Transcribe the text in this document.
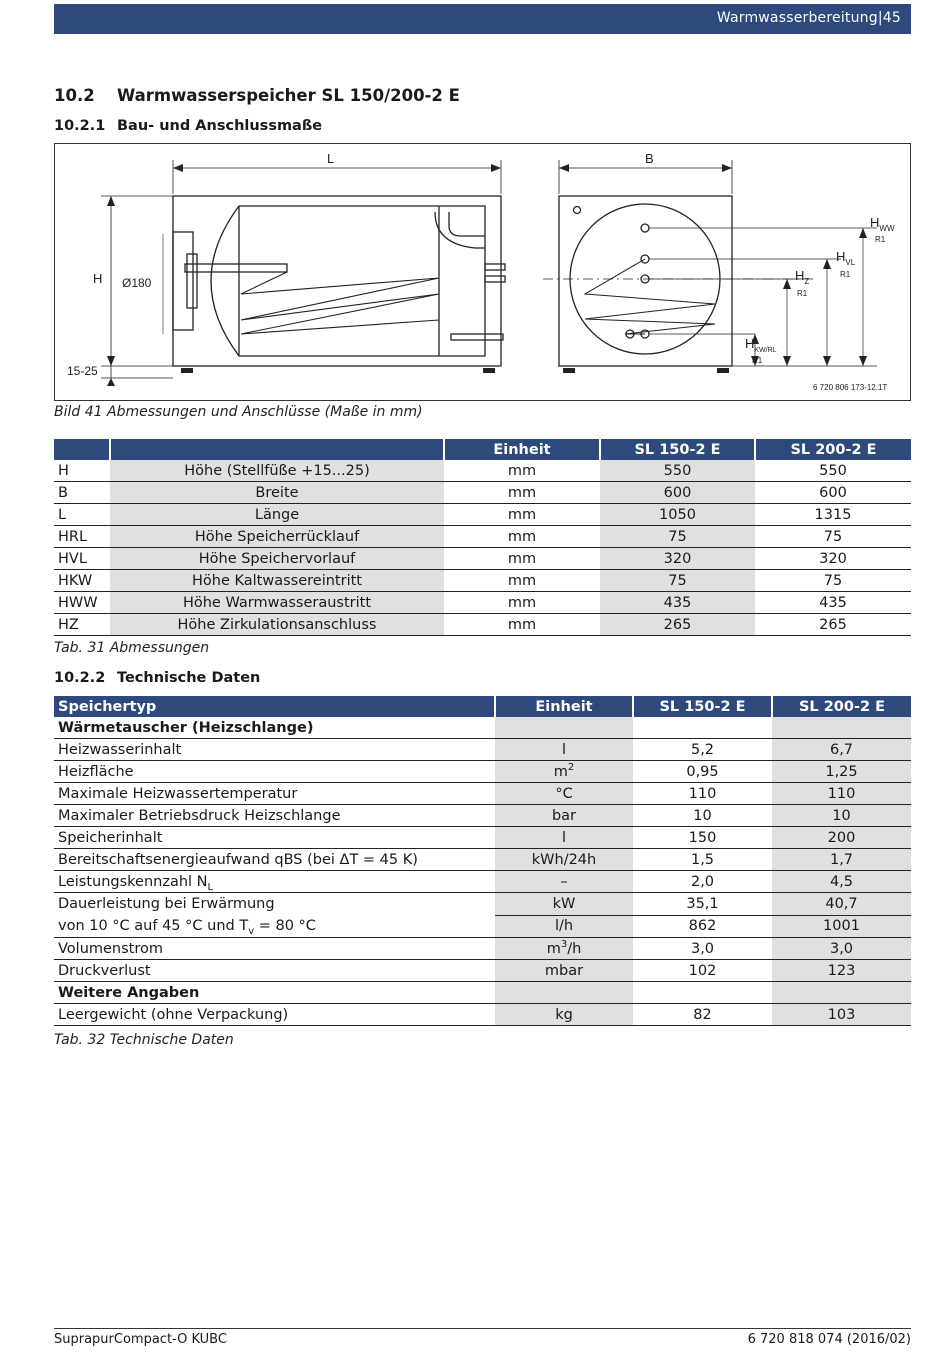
Warmwasserbereitung|45
10.2 Warmwasserspeicher SL 150/200-2 E
10.2.1 Bau- und Anschlussmaße
L	B
H
15-25
Ø180
$H_{WW}$
R1
$H_{VL}$
R1
$H_Z$
R1
$H_{KW/RL}$
R1
6 720 806 173-12.1T
Bild 41 Abmessungen und Anschlüsse (Maße in mm)
		Einheit	SL 150-2 E	SL 200-2 E
H	Höhe (Stellfüße +15...25)	mm	550	550
B	Breite	mm	600	600
L	Länge	mm	1050	1315
HRL	Höhe Speicherrücklauf	mm	75	75
HVL	Höhe Speichervorlauf	mm	320	320
HKW	Höhe Kaltwassereintritt	mm	75	75
HWW	Höhe Warmwasseraustritt	mm	435	435
HZ	Höhe Zirkulationsanschluss	mm	265	265
Tab. 31 Abmessungen
10.2.2 Technische Daten
Speichertyp	Einheit	SL 150-2 E	SL 200-2 E
Wärmetauscher (Heizschlange)			
Heizwasserinhalt	l	5,2	6,7
Heizfläche	$m^2$	0,95	1,25
Maximale Heizwassertemperatur	°C	110	110
Maximaler Betriebsdruck Heizschlange	bar	10	10
Speicherinhalt	l	150	200
Bereitschaftsenergieaufwand qBS (bei ΔT = 45 K)	kWh/24h	1,5	1,7
Leistungskennzahl $N_L$	–	2,0	4,5

Dauerleistung bei Erwärmung
von 10 °C auf 45 °C und $T_v = 80$ °C	kW	35,1	40,7
	l/h	862	1001
Volumenstrom	$m^3/h$	3,0	3,0
Druckverlust	mbar	102	123
Weitere Angaben			
Leergewicht (ohne Verpackung)	kg	82	103
Tab. 32 Technische Daten
SuprapurCompact-O KUBC	6 720 818 074 (2016/02)
